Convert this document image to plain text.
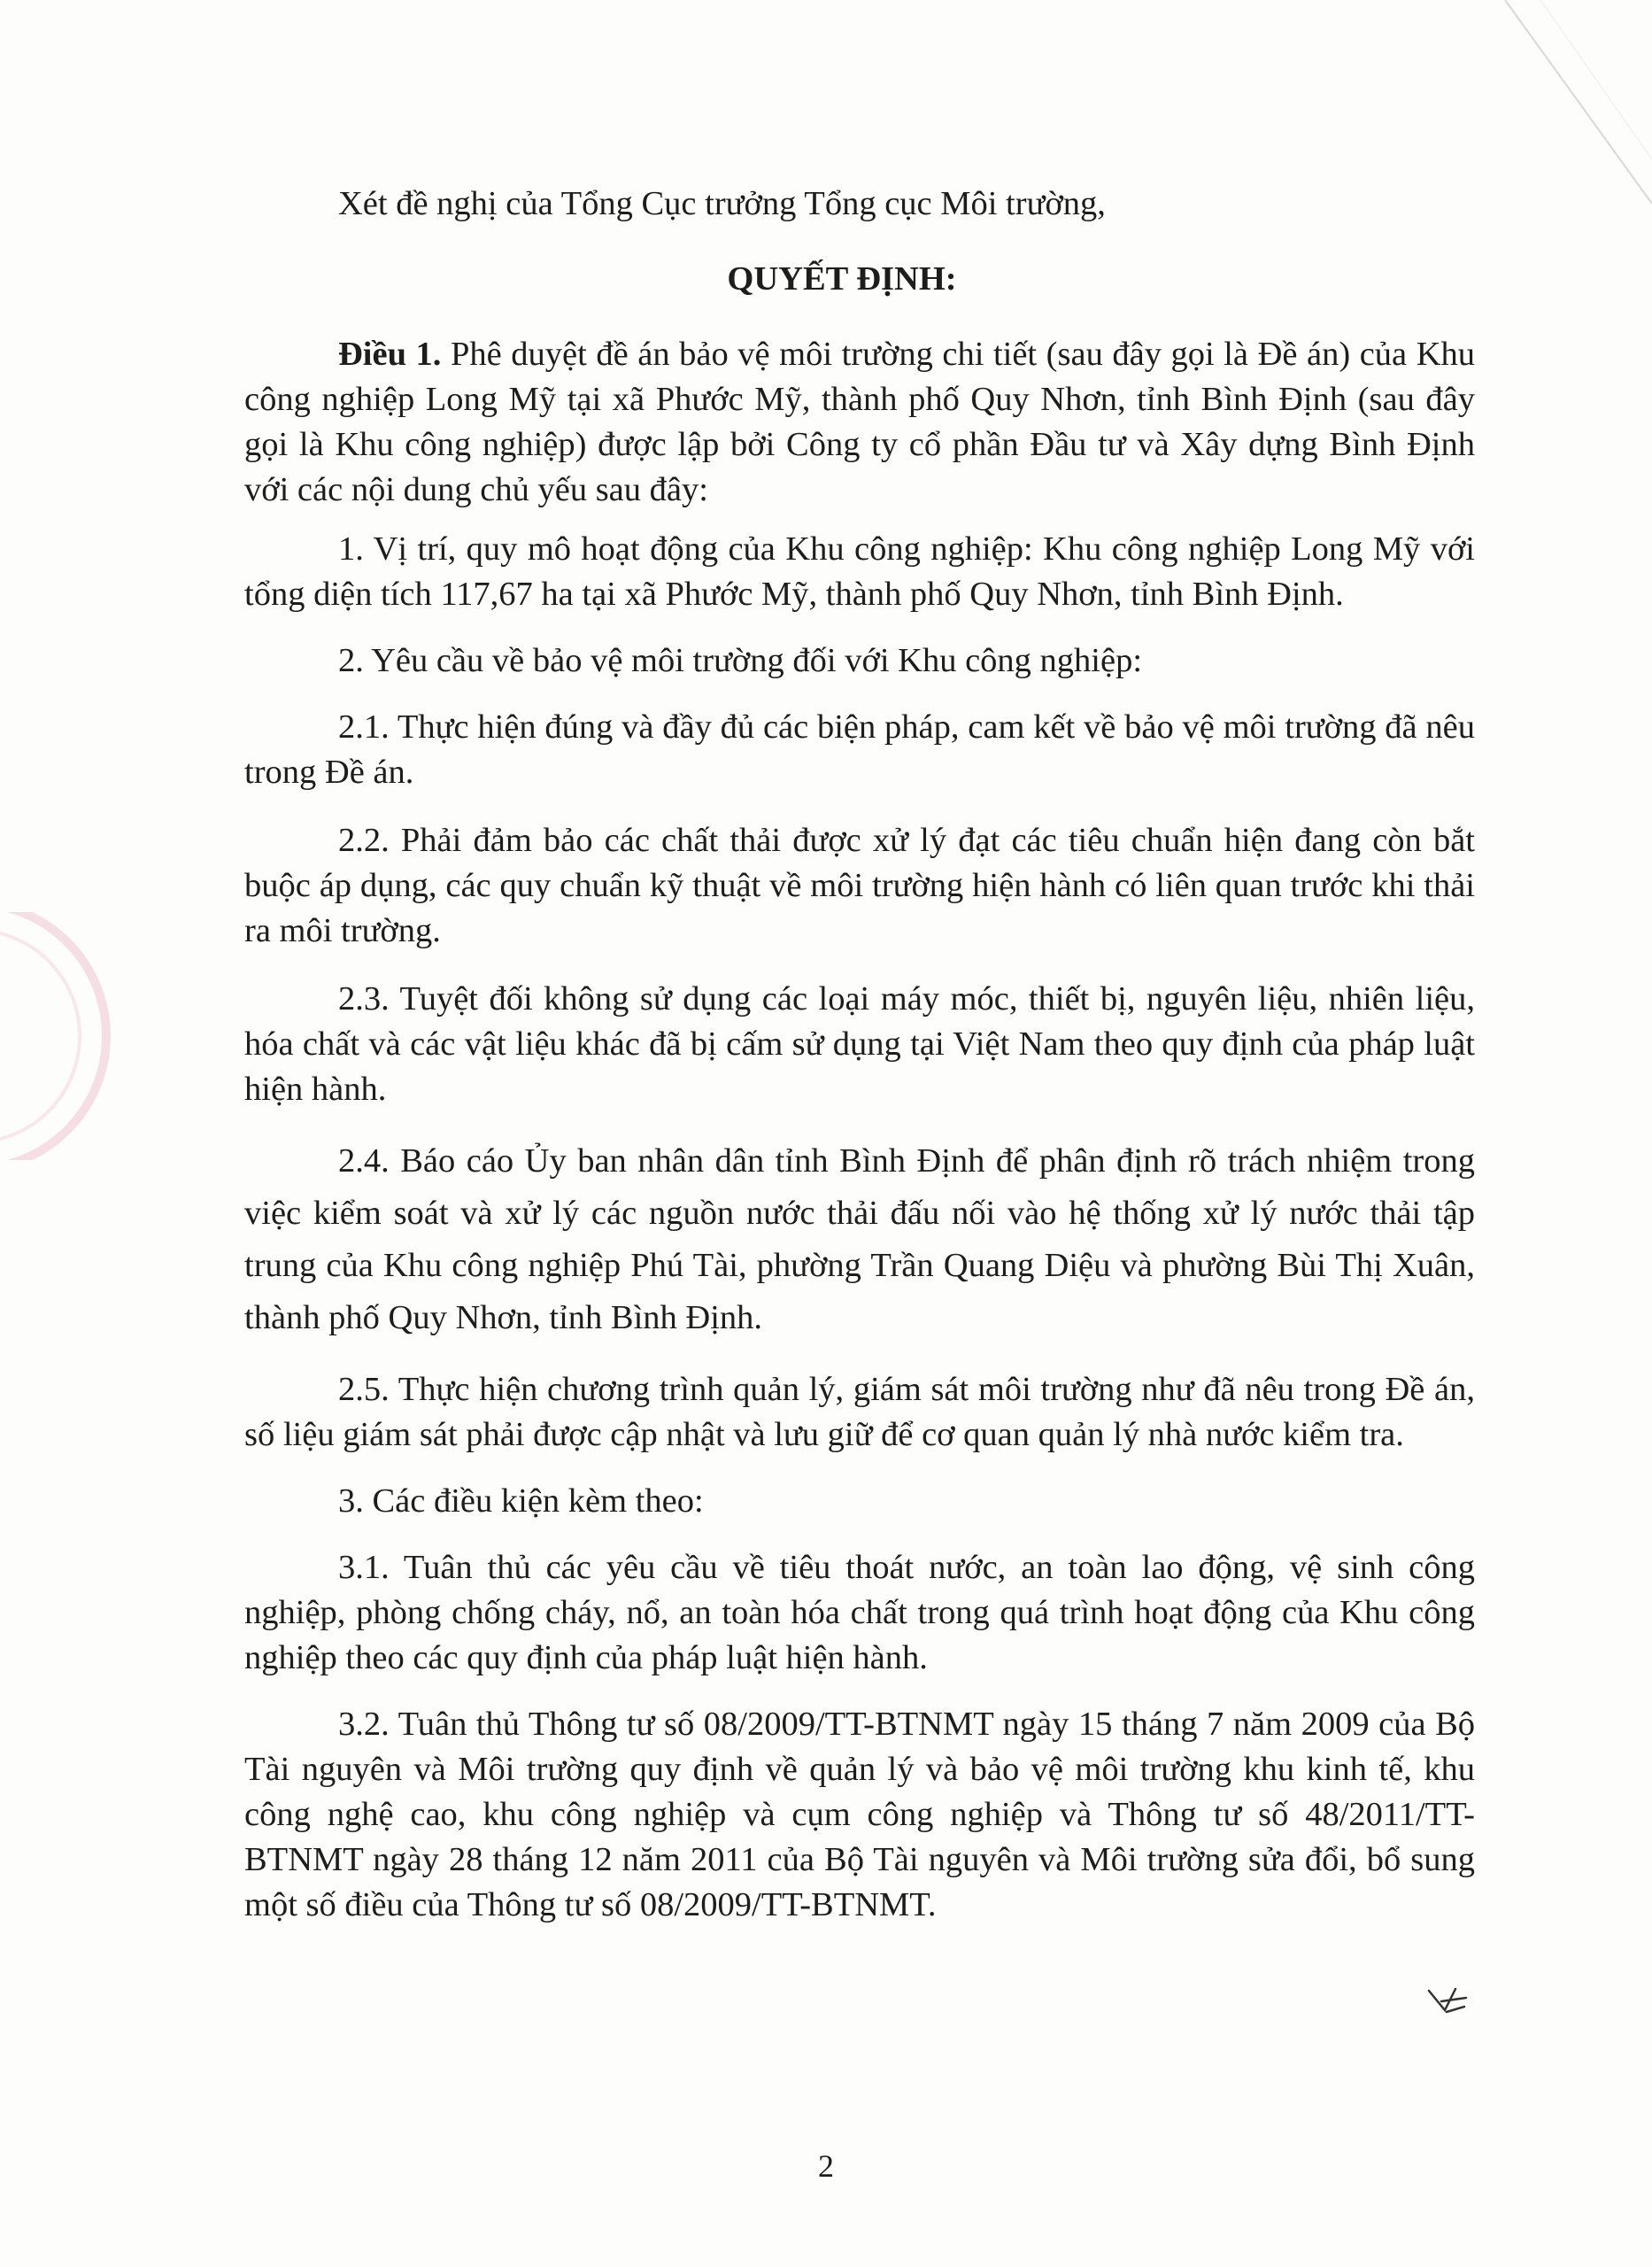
Xét đề nghị của Tổng Cục trưởng Tổng cục Môi trường,

QUYẾT ĐỊNH:

Điều 1. Phê duyệt đề án bảo vệ môi trường chi tiết (sau đây gọi là Đề án) của Khu công nghiệp Long Mỹ tại xã Phước Mỹ, thành phố Quy Nhơn, tỉnh Bình Định (sau đây gọi là Khu công nghiệp) được lập bởi Công ty cổ phần Đầu tư và Xây dựng Bình Định với các nội dung chủ yếu sau đây:

1. Vị trí, quy mô hoạt động của Khu công nghiệp: Khu công nghiệp Long Mỹ với tổng diện tích 117,67 ha tại xã Phước Mỹ, thành phố Quy Nhơn, tỉnh Bình Định.

2. Yêu cầu về bảo vệ môi trường đối với Khu công nghiệp:

2.1. Thực hiện đúng và đầy đủ các biện pháp, cam kết về bảo vệ môi trường đã nêu trong Đề án.

2.2. Phải đảm bảo các chất thải được xử lý đạt các tiêu chuẩn hiện đang còn bắt buộc áp dụng, các quy chuẩn kỹ thuật về môi trường hiện hành có liên quan trước khi thải ra môi trường.

2.3. Tuyệt đối không sử dụng các loại máy móc, thiết bị, nguyên liệu, nhiên liệu, hóa chất và các vật liệu khác đã bị cấm sử dụng tại Việt Nam theo quy định của pháp luật hiện hành.

2.4. Báo cáo Ủy ban nhân dân tỉnh Bình Định để phân định rõ trách nhiệm trong việc kiểm soát và xử lý các nguồn nước thải đấu nối vào hệ thống xử lý nước thải tập trung của Khu công nghiệp Phú Tài, phường Trần Quang Diệu và phường Bùi Thị Xuân, thành phố Quy Nhơn, tỉnh Bình Định.

2.5. Thực hiện chương trình quản lý, giám sát môi trường như đã nêu trong Đề án, số liệu giám sát phải được cập nhật và lưu giữ để cơ quan quản lý nhà nước kiểm tra.

3. Các điều kiện kèm theo:

3.1. Tuân thủ các yêu cầu về tiêu thoát nước, an toàn lao động, vệ sinh công nghiệp, phòng chống cháy, nổ, an toàn hóa chất trong quá trình hoạt động của Khu công nghiệp theo các quy định của pháp luật hiện hành.

3.2. Tuân thủ Thông tư số 08/2009/TT-BTNMT ngày 15 tháng 7 năm 2009 của Bộ Tài nguyên và Môi trường quy định về quản lý và bảo vệ môi trường khu kinh tế, khu công nghệ cao, khu công nghiệp và cụm công nghiệp và Thông tư số 48/2011/TT-BTNMT ngày 28 tháng 12 năm 2011 của Bộ Tài nguyên và Môi trường sửa đổi, bổ sung một số điều của Thông tư số 08/2009/TT-BTNMT.

2
